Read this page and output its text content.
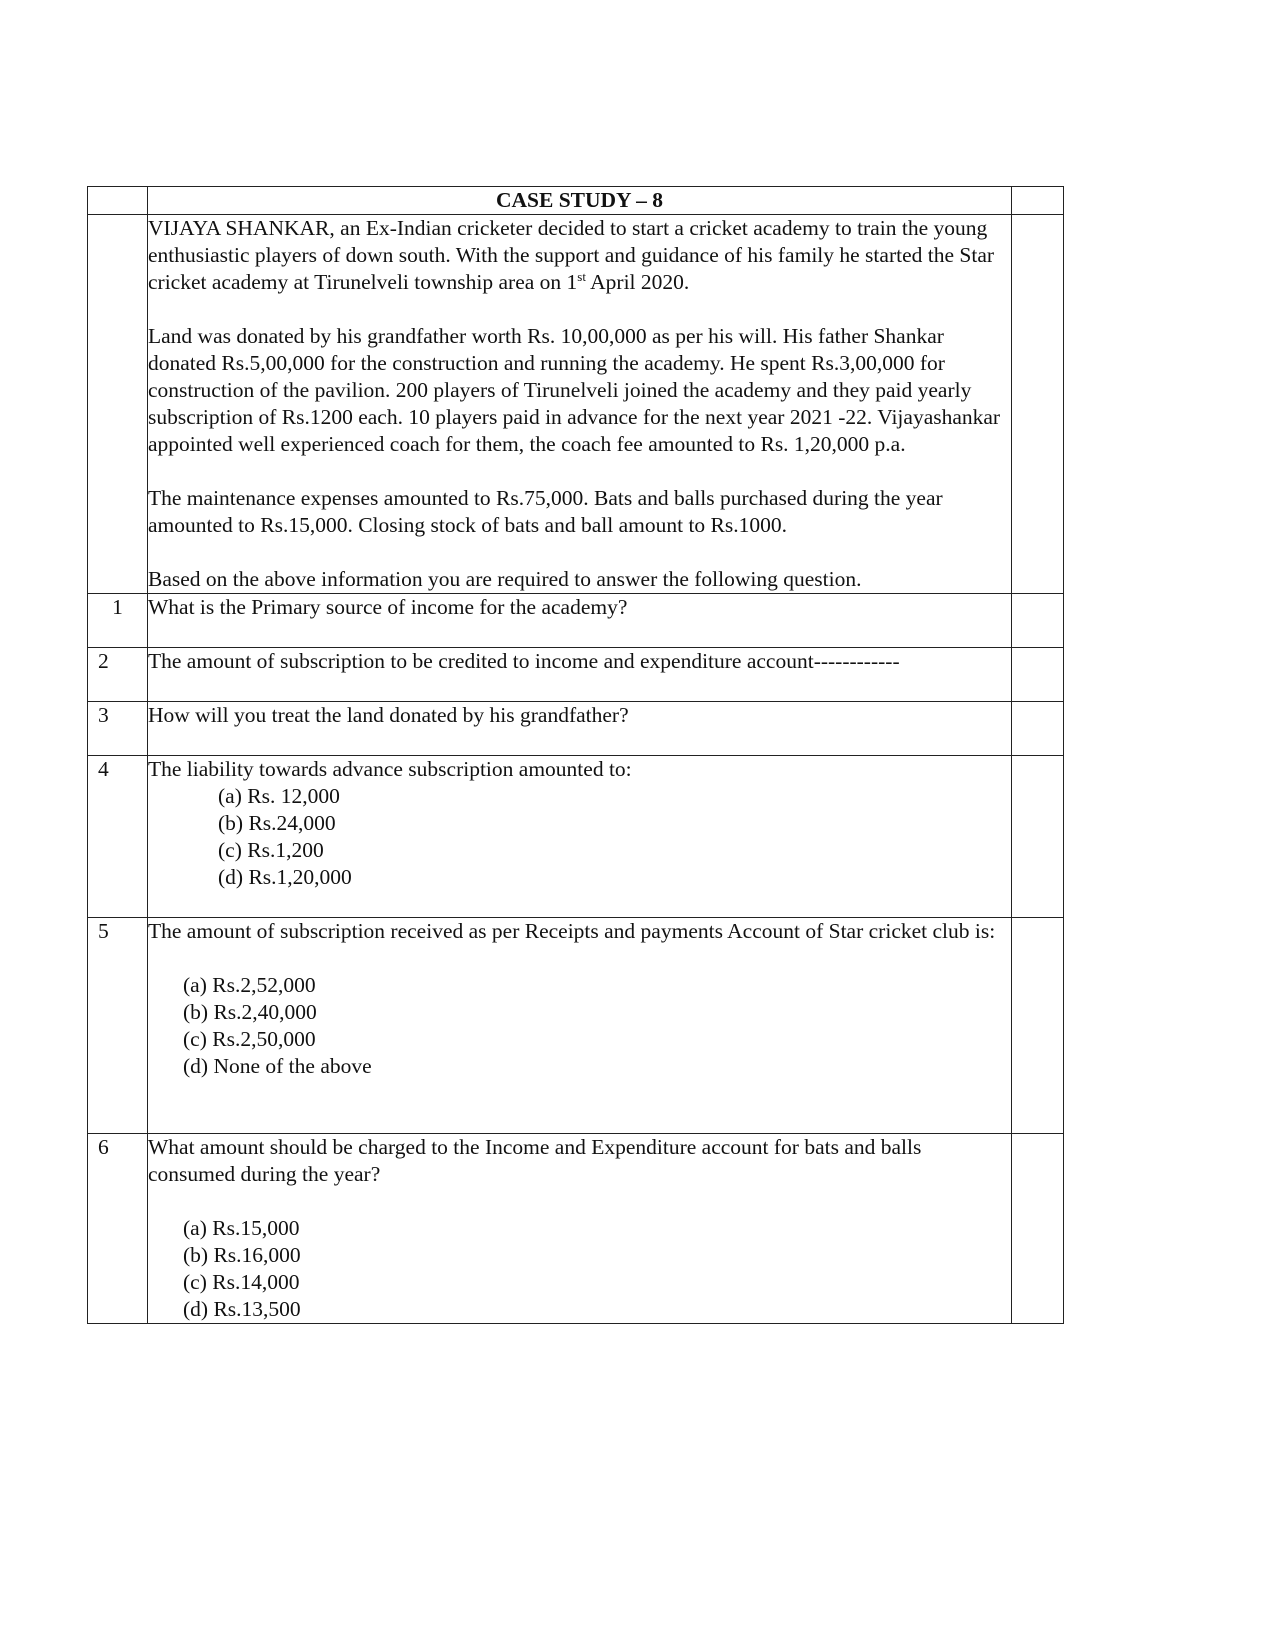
	CASE STUDY – 8	

	VIJAYA SHANKAR, an Ex-Indian cricketer decided to start a cricket academy to train the young enthusiastic players of down south. With the support and guidance of his family he started the Star cricket academy at Tirunelveli township area on 1st April 2020.

Land was donated by his grandfather worth Rs. 10,00,000 as per his will. His father Shankar donated Rs.5,00,000 for the construction and running the academy. He spent Rs.3,00,000 for construction of the pavilion. 200 players of Tirunelveli joined the academy and they paid yearly subscription of Rs.1200 each. 10 players paid in advance for the next year 2021 -22. Vijayashankar appointed well experienced coach for them, the coach fee amounted to Rs. 1,20,000 p.a.

The maintenance expenses amounted to Rs.75,000. Bats and balls purchased during the year amounted to Rs.15,000. Closing stock of bats and ball amount to Rs.1000.

Based on the above information you are required to answer the following question.	

1	What is the Primary source of income for the academy?	
2	The amount of subscription to be credited to income and expenditure account------------	
3	How will you treat the land donated by his grandfather?	
4	The liability towards advance subscription amounted to:
(a) Rs. 12,000
(b) Rs.24,000
(c) Rs.1,200
(d) Rs.1,20,000	

5	The amount of subscription received as per Receipts and payments Account of Star cricket club is:
(a) Rs.2,52,000
(b) Rs.2,40,000
(c) Rs.2,50,000
(d) None of the above	

6	What amount should be charged to the Income and Expenditure account for bats and balls consumed during the year?
(a) Rs.15,000
(b) Rs.16,000
(c) Rs.14,000
(d) Rs.13,500	
